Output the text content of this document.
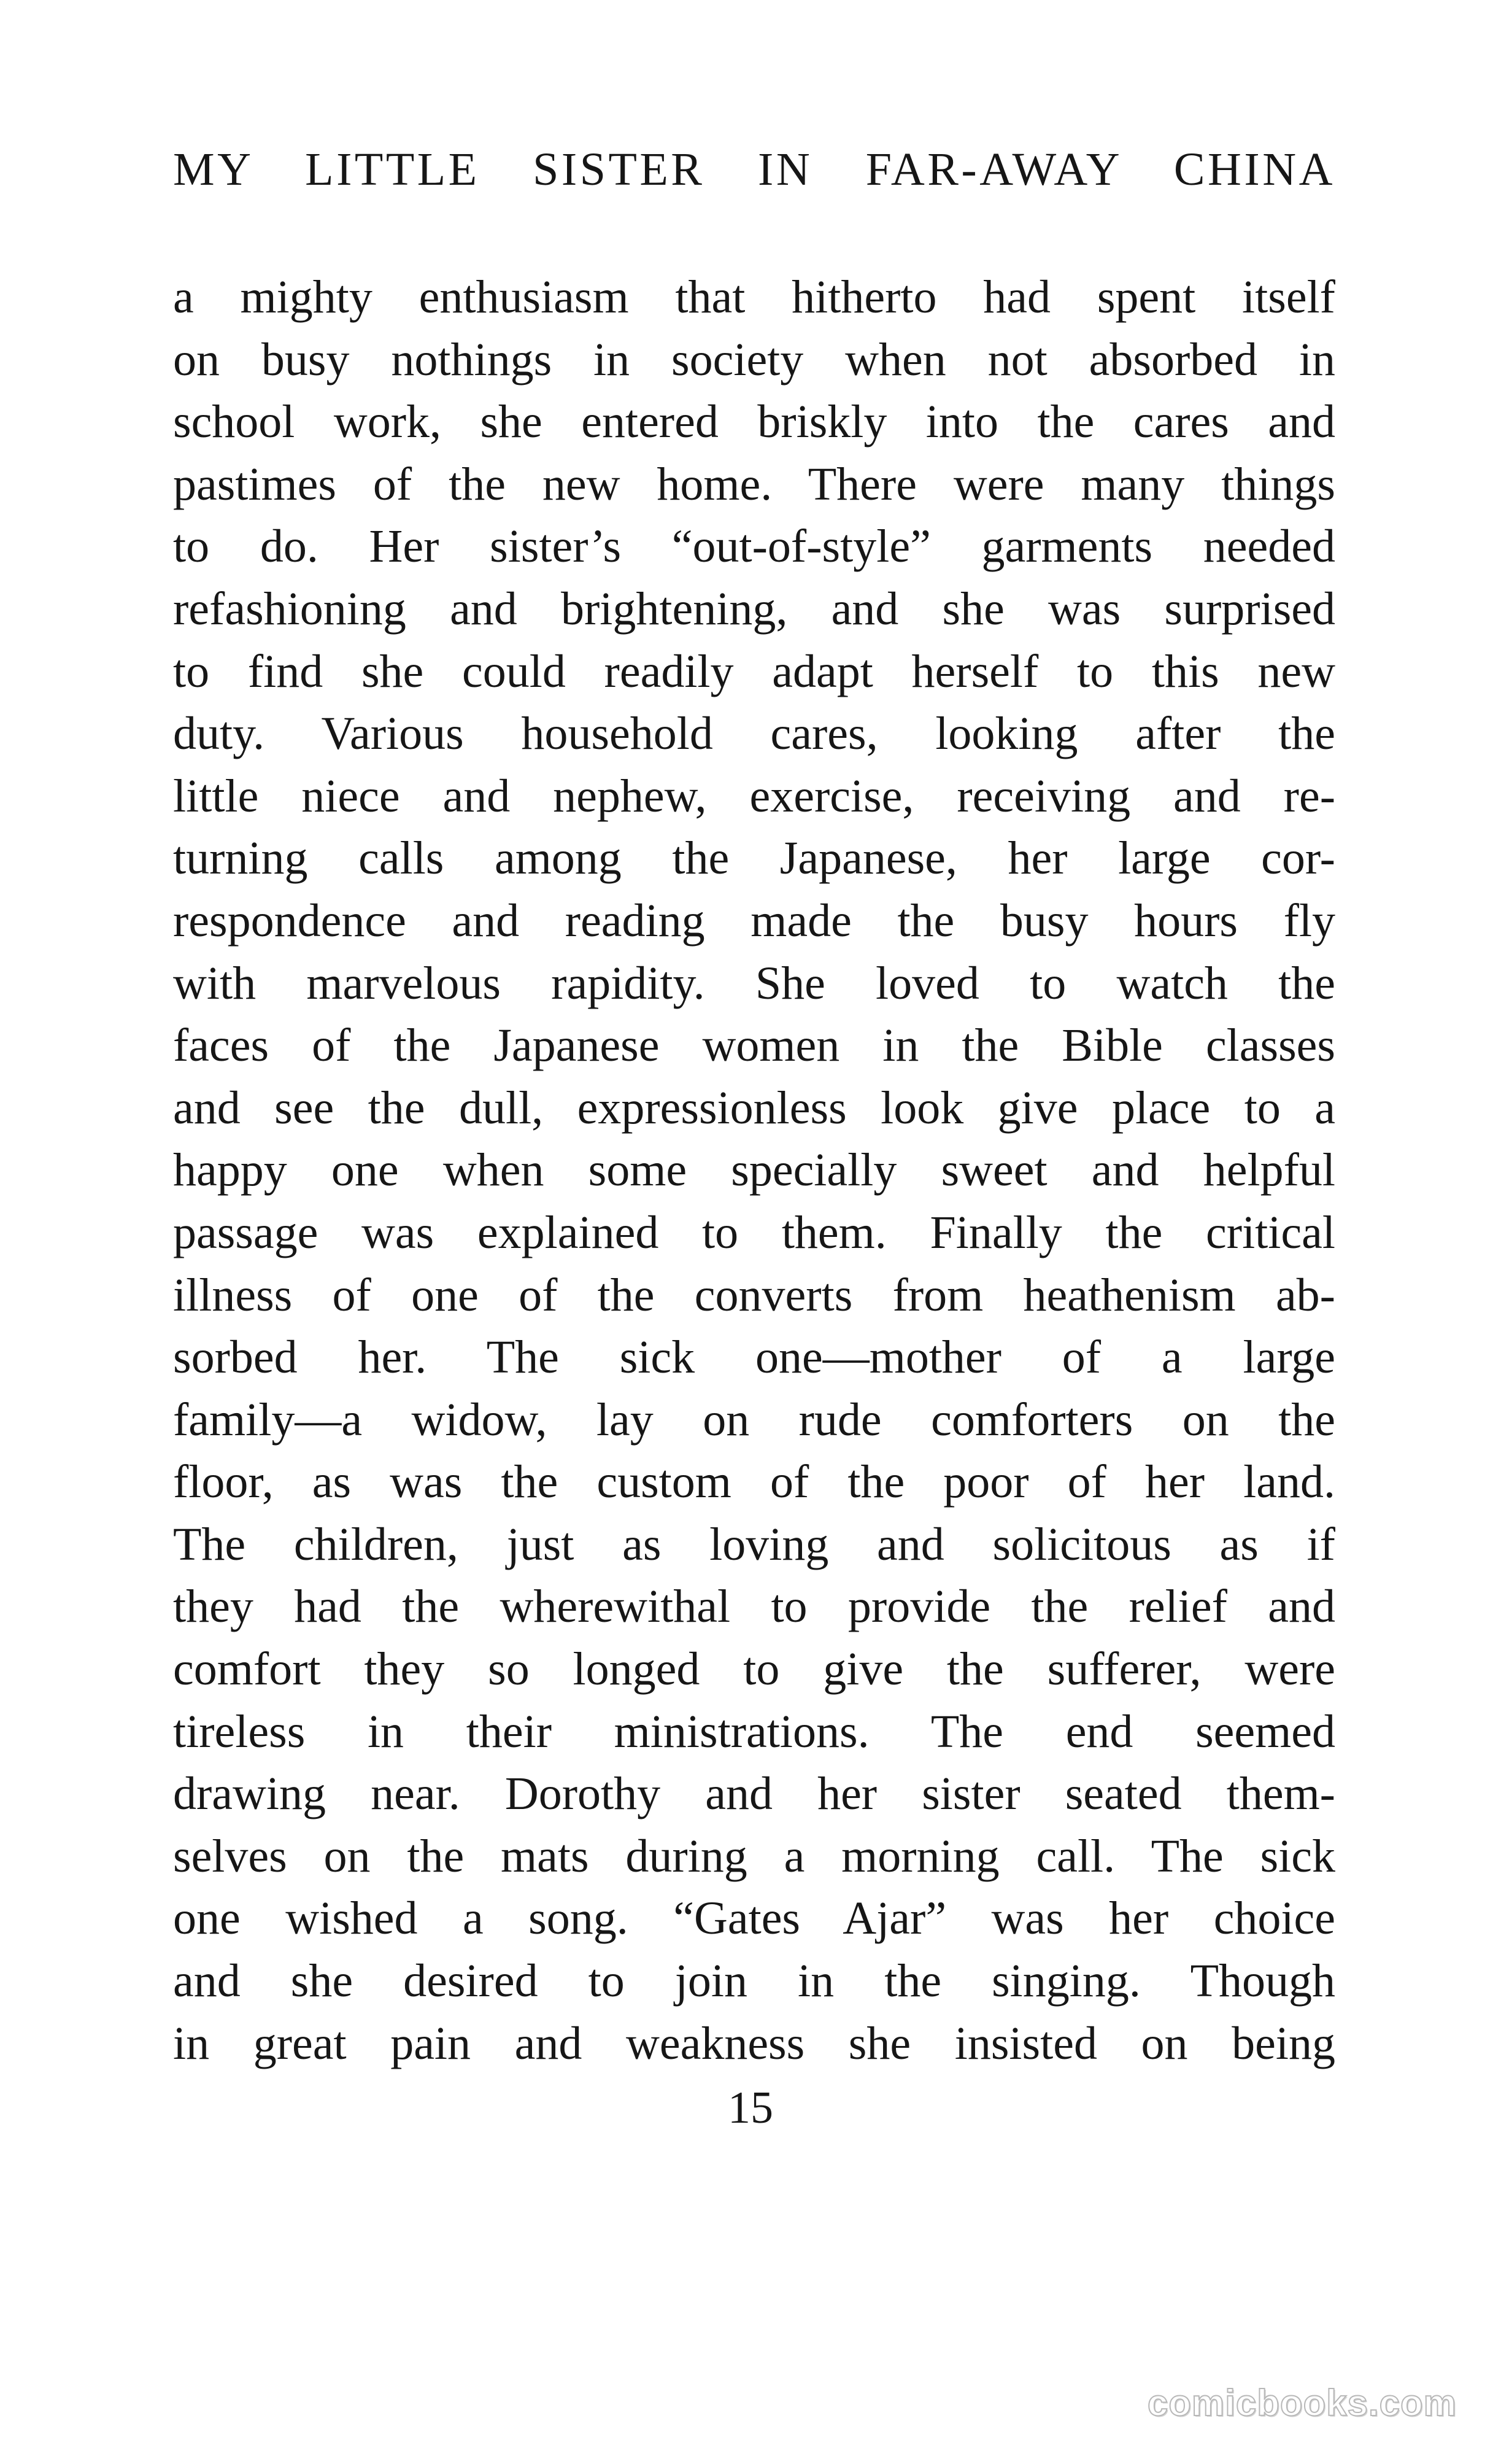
MY LITTLE SISTER IN FAR-AWAY CHINA
a mighty enthusiasm that hitherto had spent itself
on busy nothings in society when not absorbed in
school work, she entered briskly into the cares and
pastimes of the new home. There were many things
to do. Her sister’s “out-of-style” garments needed
refashioning and brightening, and she was surprised
to find she could readily adapt herself to this new
duty. Various household cares, looking after the
little niece and nephew, exercise, receiving and re-
turning calls among the Japanese, her large cor-
respondence and reading made the busy hours fly
with marvelous rapidity. She loved to watch the
faces of the Japanese women in the Bible classes
and see the dull, expressionless look give place to a
happy one when some specially sweet and helpful
passage was explained to them. Finally the critical
illness of one of the converts from heathenism ab-
sorbed her. The sick one—mother of a large
family—a widow, lay on rude comforters on the
floor, as was the custom of the poor of her land.
The children, just as loving and solicitous as if
they had the wherewithal to provide the relief and
comfort they so longed to give the sufferer, were
tireless in their ministrations. The end seemed
drawing near. Dorothy and her sister seated them-
selves on the mats during a morning call. The sick
one wished a song. “Gates Ajar” was her choice
and she desired to join in the singing. Though
in great pain and weakness she insisted on being
15
comicbooks.com
